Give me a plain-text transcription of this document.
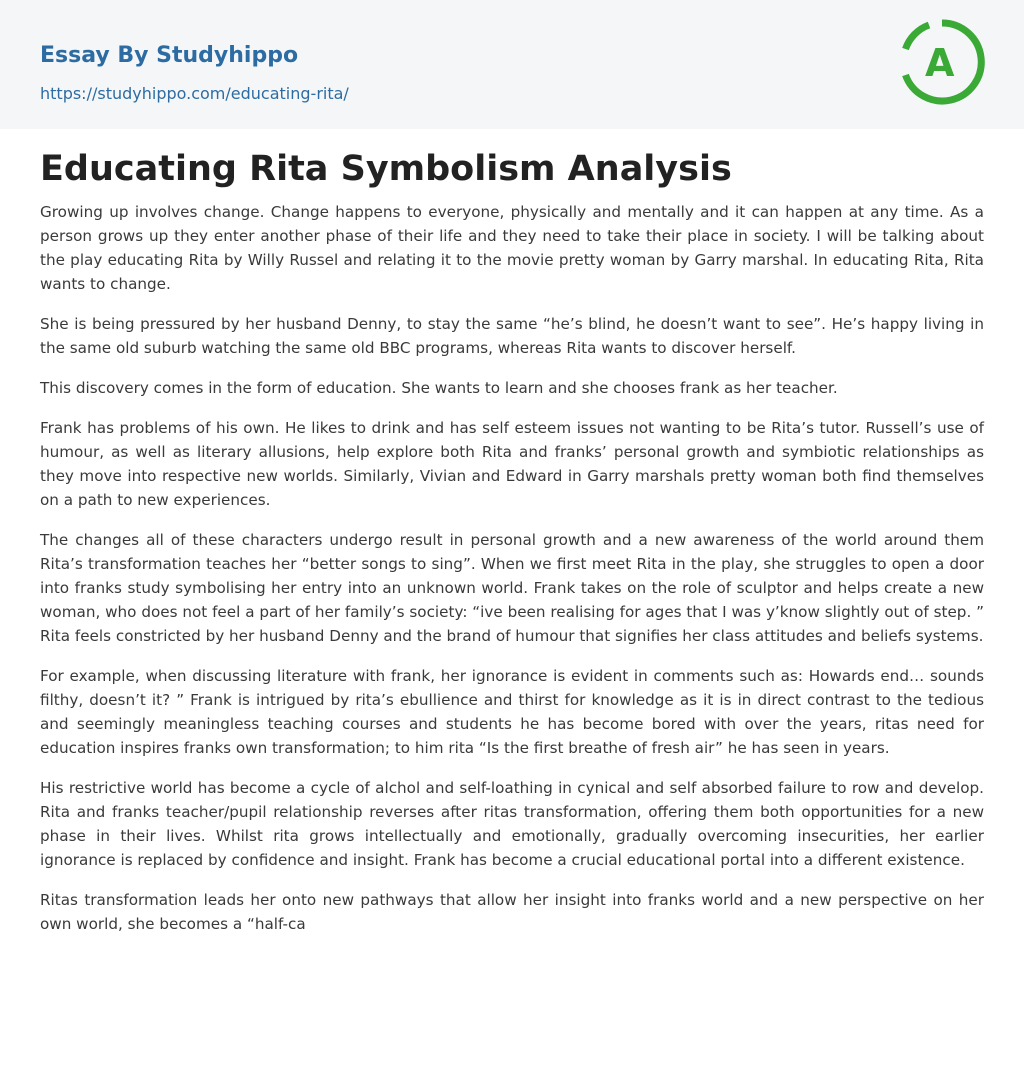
Essay By Studyhippo
https://studyhippo.com/educating-rita/
A
Educating Rita Symbolism Analysis

Growing up involves change. Change happens to everyone, physically and mentally and it can happen at any time. As a person grows up they enter another phase of their life and they need to take their place in society. I will be talking about the play educating Rita by Willy Russel and relating it to the movie pretty woman by Garry marshal. In educating Rita, Rita wants to change.

She is being pressured by her husband Denny, to stay the same “he’s blind, he doesn’t want to see”. He’s happy living in the same old suburb watching the same old BBC programs, whereas Rita wants to discover herself.

This discovery comes in the form of education. She wants to learn and she chooses frank as her teacher.

Frank has problems of his own. He likes to drink and has self esteem issues not wanting to be Rita’s tutor. Russell’s use of humour, as well as literary allusions, help explore both Rita and franks’ personal growth and symbiotic relationships as they move into respective new worlds. Similarly, Vivian and Edward in Garry marshals pretty woman both find themselves on a path to new experiences.

The changes all of these characters undergo result in personal growth and a new awareness of the world around them Rita’s transformation teaches her “better songs to sing”. When we first meet Rita in the play, she struggles to open a door into franks study symbolising her entry into an unknown world. Frank takes on the role of sculptor and helps create a new woman, who does not feel a part of her family’s society: “ive been realising for ages that I was y’know slightly out of step. ” Rita feels constricted by her husband Denny and the brand of humour that signifies her class attitudes and beliefs systems.

For example, when discussing literature with frank, her ignorance is evident in comments such as: Howards end… sounds filthy, doesn’t it? ” Frank is intrigued by rita’s ebullience and thirst for knowledge as it is in direct contrast to the tedious and seemingly meaningless teaching courses and students he has become bored with over the years, ritas need for education inspires franks own transformation; to him rita “Is the first breathe of fresh air” he has seen in years.

His restrictive world has become a cycle of alchol and self-loathing in cynical and self absorbed failure to row and develop. Rita and franks teacher/pupil relationship reverses after ritas transformation, offering them both opportunities for a new phase in their lives. Whilst rita grows intellectually and emotionally, gradually overcoming insecurities, her earlier ignorance is replaced by confidence and insight. Frank has become a crucial educational portal into a different existence.

Ritas transformation leads her onto new pathways that allow her insight into franks world and a new perspective on her own world, she becomes a “half-ca
